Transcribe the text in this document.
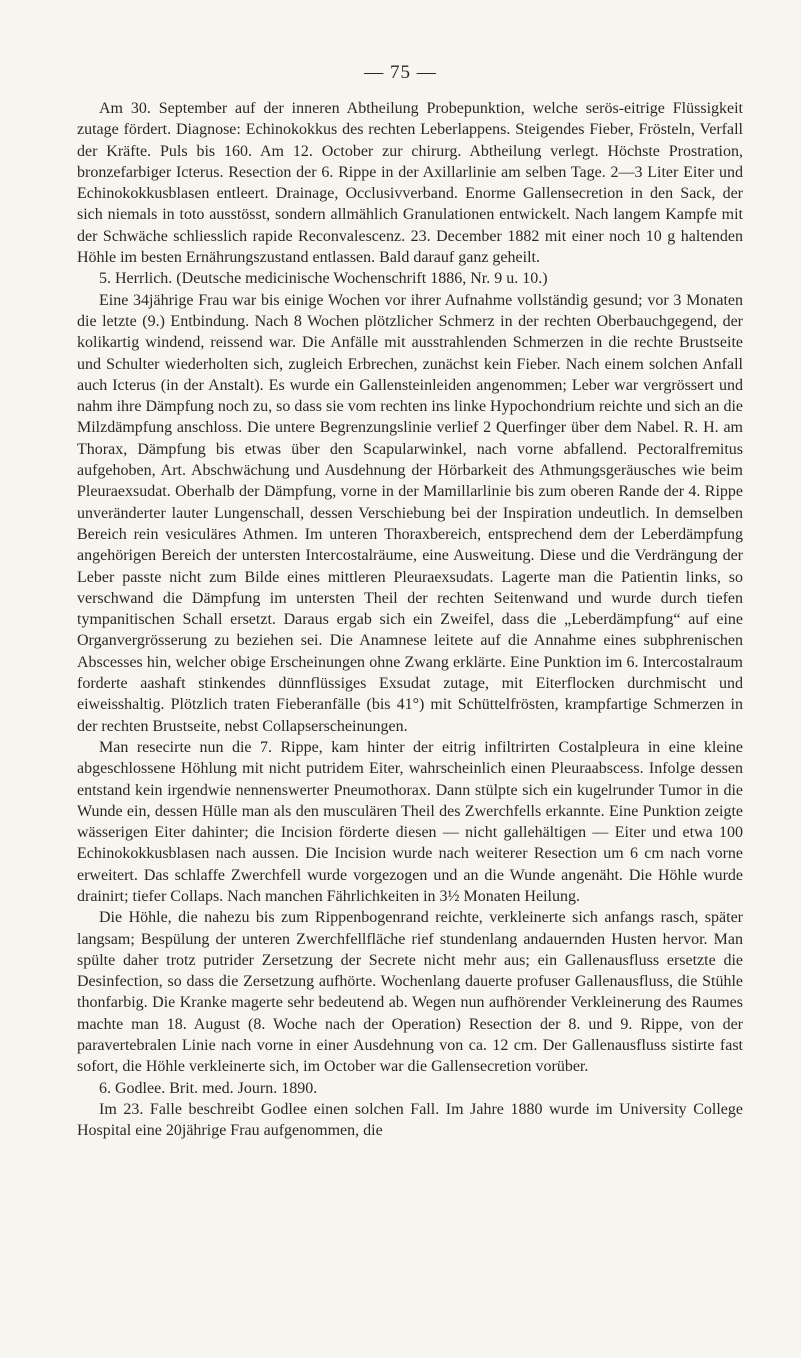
— 75 —

Am 30. September auf der inneren Abtheilung Probepunktion, welche serös-eitrige Flüssigkeit zutage fördert. Diagnose: Echinokokkus des rechten Leberlappens. Steigendes Fieber, Frösteln, Verfall der Kräfte. Puls bis 160. Am 12. October zur chirurg. Abtheilung verlegt. Höchste Prostration, bronzefarbiger Icterus. Resection der 6. Rippe in der Axillarlinie am selben Tage. 2—3 Liter Eiter und Echinokokkusblasen entleert. Drainage, Occlusivverband. Enorme Gallensecretion in den Sack, der sich niemals in toto ausstösst, sondern allmählich Granulationen entwickelt. Nach langem Kampfe mit der Schwäche schliesslich rapide Reconvalescenz. 23. December 1882 mit einer noch 10 g haltenden Höhle im besten Ernährungszustand entlassen. Bald darauf ganz geheilt.

5. Herrlich. (Deutsche medicinische Wochenschrift 1886, Nr. 9 u. 10.)

Eine 34jährige Frau war bis einige Wochen vor ihrer Aufnahme vollständig gesund; vor 3 Monaten die letzte (9.) Entbindung. Nach 8 Wochen plötzlicher Schmerz in der rechten Oberbauchgegend, der kolikartig windend, reissend war. Die Anfälle mit ausstrahlenden Schmerzen in die rechte Brustseite und Schulter wiederholten sich, zugleich Erbrechen, zunächst kein Fieber. Nach einem solchen Anfall auch Icterus (in der Anstalt). Es wurde ein Gallensteinleiden angenommen; Leber war vergrössert und nahm ihre Dämpfung noch zu, so dass sie vom rechten ins linke Hypochondrium reichte und sich an die Milzdämpfung anschloss. Die untere Begrenzungslinie verlief 2 Querfinger über dem Nabel. R. H. am Thorax, Dämpfung bis etwas über den Scapularwinkel, nach vorne abfallend. Pectoralfremitus aufgehoben, Art. Abschwächung und Ausdehnung der Hörbarkeit des Athmungsgeräusches wie beim Pleuraexsudat. Oberhalb der Dämpfung, vorne in der Mamillarlinie bis zum oberen Rande der 4. Rippe unveränderter lauter Lungenschall, dessen Verschiebung bei der Inspiration undeutlich. In demselben Bereich rein vesiculäres Athmen. Im unteren Thoraxbereich, entsprechend dem der Leberdämpfung angehörigen Bereich der untersten Intercostalräume, eine Ausweitung. Diese und die Verdrängung der Leber passte nicht zum Bilde eines mittleren Pleuraexsudats. Lagerte man die Patientin links, so verschwand die Dämpfung im untersten Theil der rechten Seitenwand und wurde durch tiefen tympanitischen Schall ersetzt. Daraus ergab sich ein Zweifel, dass die „Leberdämpfung“ auf eine Organvergrösserung zu beziehen sei. Die Anamnese leitete auf die Annahme eines subphrenischen Abscesses hin, welcher obige Erscheinungen ohne Zwang erklärte. Eine Punktion im 6. Intercostalraum forderte aashaft stinkendes dünnflüssiges Exsudat zutage, mit Eiterflocken durchmischt und eiweisshaltig. Plötzlich traten Fieberanfälle (bis 41°) mit Schüttelfrösten, krampfartige Schmerzen in der rechten Brustseite, nebst Collapserscheinungen.

Man resecirte nun die 7. Rippe, kam hinter der eitrig infiltrirten Costalpleura in eine kleine abgeschlossene Höhlung mit nicht putridem Eiter, wahrscheinlich einen Pleuraabscess. Infolge dessen entstand kein irgendwie nennenswerter Pneumothorax. Dann stülpte sich ein kugelrunder Tumor in die Wunde ein, dessen Hülle man als den musculären Theil des Zwerchfells erkannte. Eine Punktion zeigte wässerigen Eiter dahinter; die Incision förderte diesen — nicht gallehältigen — Eiter und etwa 100 Echinokokkusblasen nach aussen. Die Incision wurde nach weiterer Resection um 6 cm nach vorne erweitert. Das schlaffe Zwerchfell wurde vorgezogen und an die Wunde angenäht. Die Höhle wurde drainirt; tiefer Collaps. Nach manchen Fährlichkeiten in 3½ Monaten Heilung.

Die Höhle, die nahezu bis zum Rippenbogenrand reichte, verkleinerte sich anfangs rasch, später langsam; Bespülung der unteren Zwerchfellfläche rief stundenlang andauernden Husten hervor. Man spülte daher trotz putrider Zersetzung der Secrete nicht mehr aus; ein Gallenausfluss ersetzte die Desinfection, so dass die Zersetzung aufhörte. Wochenlang dauerte profuser Gallenausfluss, die Stühle thonfarbig. Die Kranke magerte sehr bedeutend ab. Wegen nun aufhörender Verkleinerung des Raumes machte man 18. August (8. Woche nach der Operation) Resection der 8. und 9. Rippe, von der paravertebralen Linie nach vorne in einer Ausdehnung von ca. 12 cm. Der Gallenausfluss sistirte fast sofort, die Höhle verkleinerte sich, im October war die Gallensecretion vorüber.

6. Godlee. Brit. med. Journ. 1890.

Im 23. Falle beschreibt Godlee einen solchen Fall. Im Jahre 1880 wurde im University College Hospital eine 20jährige Frau aufgenommen, die
